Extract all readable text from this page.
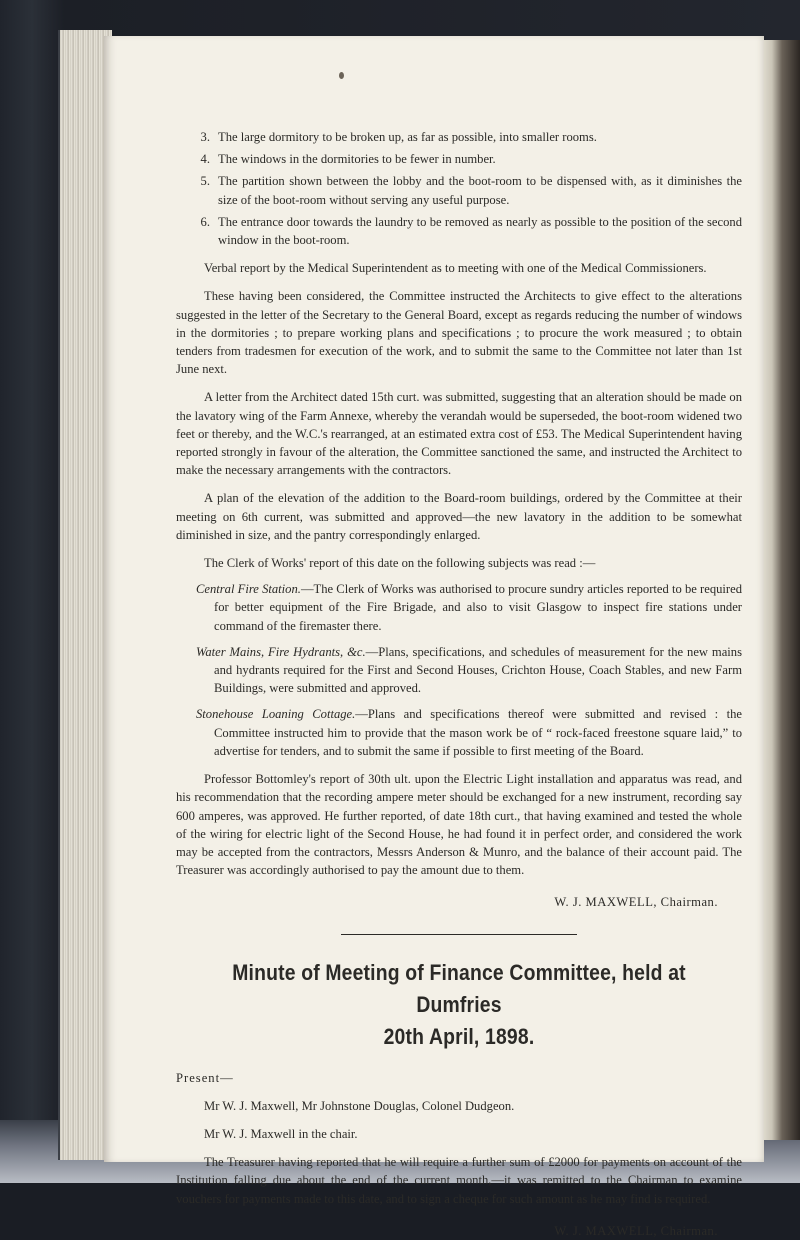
3. The large dormitory to be broken up, as far as possible, into smaller rooms.
4. The windows in the dormitories to be fewer in number.
5. The partition shown between the lobby and the boot-room to be dispensed with, as it diminishes the size of the boot-room without serving any useful purpose.
6. The entrance door towards the laundry to be removed as nearly as possible to the position of the second window in the boot-room.

Verbal report by the Medical Superintendent as to meeting with one of the Medical Commissioners.

These having been considered, the Committee instructed the Architects to give effect to the alterations suggested in the letter of the Secretary to the General Board, except as regards reducing the number of windows in the dormitories ; to prepare working plans and specifications ; to procure the work measured ; to obtain tenders from tradesmen for execution of the work, and to submit the same to the Committee not later than 1st June next.

A letter from the Architect dated 15th curt. was submitted, suggesting that an alteration should be made on the lavatory wing of the Farm Annexe, whereby the verandah would be superseded, the boot-room widened two feet or thereby, and the W.C.'s rearranged, at an estimated extra cost of £53. The Medical Superintendent having reported strongly in favour of the alteration, the Committee sanctioned the same, and instructed the Architect to make the necessary arrangements with the contractors.

A plan of the elevation of the addition to the Board-room buildings, ordered by the Committee at their meeting on 6th current, was submitted and approved—the new lavatory in the addition to be somewhat diminished in size, and the pantry correspondingly enlarged.

The Clerk of Works' report of this date on the following subjects was read :—

Central Fire Station.—The Clerk of Works was authorised to procure sundry articles reported to be required for better equipment of the Fire Brigade, and also to visit Glasgow to inspect fire stations under command of the firemaster there.

Water Mains, Fire Hydrants, &c.—Plans, specifications, and schedules of measurement for the new mains and hydrants required for the First and Second Houses, Crichton House, Coach Stables, and new Farm Buildings, were submitted and approved.

Stonehouse Loaning Cottage.—Plans and specifications thereof were submitted and revised : the Committee instructed him to provide that the mason work be of “ rock-faced freestone square laid,” to advertise for tenders, and to submit the same if possible to first meeting of the Board.

Professor Bottomley's report of 30th ult. upon the Electric Light installation and apparatus was read, and his recommendation that the recording ampere meter should be exchanged for a new instrument, recording say 600 amperes, was approved. He further reported, of date 18th curt., that having examined and tested the whole of the wiring for electric light of the Second House, he had found it in perfect order, and considered the work may be accepted from the contractors, Messrs Anderson & Munro, and the balance of their account paid. The Treasurer was accordingly authorised to pay the amount due to them.

W. J. MAXWELL, Chairman.

Minute of Meeting of Finance Committee, held at Dumfries
20th April, 1898.

Present—

Mr W. J. Maxwell, Mr Johnstone Douglas, Colonel Dudgeon.

Mr W. J. Maxwell in the chair.

The Treasurer having reported that he will require a further sum of £2000 for payments on account of the Institution falling due about the end of the current month,—it was remitted to the Chairman to examine vouchers for payments made to this date, and to sign a cheque for such amount as he may find is required.

W. J. MAXWELL, Chairman.
